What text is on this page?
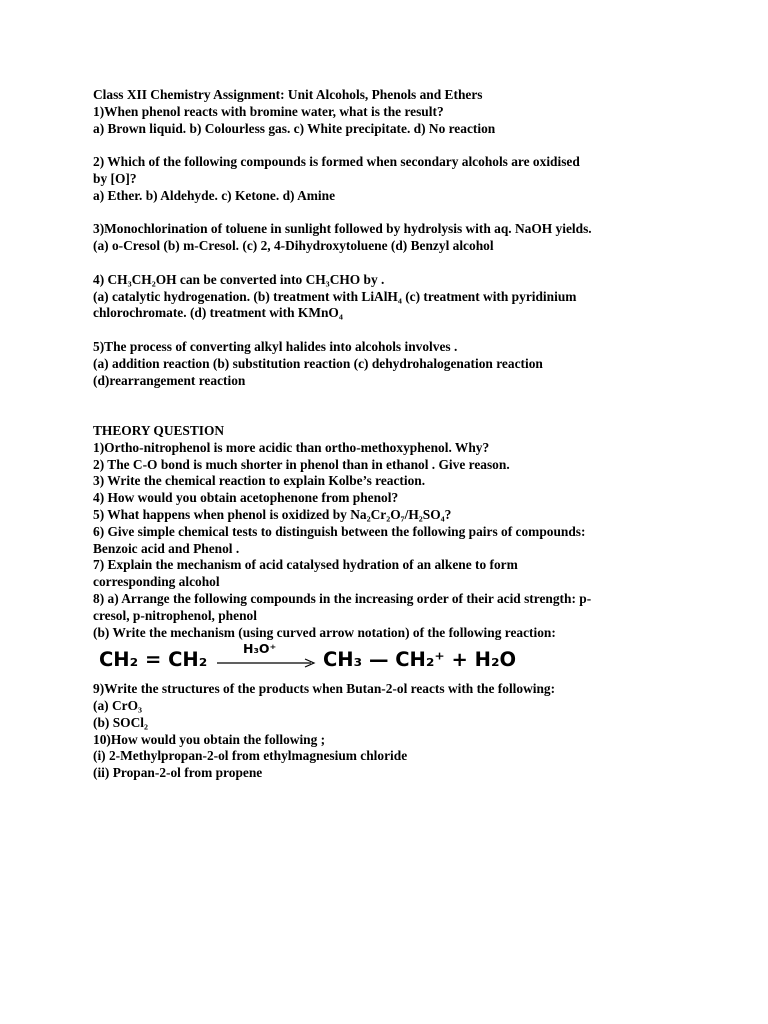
Class XII Chemistry Assignment: Unit Alcohols, Phenols and Ethers

1)When phenol reacts with bromine water, what is the result?

a) Brown liquid. b) Colourless gas. c) White precipitate. d) No reaction

2) Which of the following compounds is formed when secondary alcohols are oxidised

by [O]?

a) Ether. b) Aldehyde. c) Ketone. d) Amine

3)Monochlorination of toluene in sunlight followed by hydrolysis with aq. NaOH yields.

(a) o-Cresol (b) m-Cresol. (c) 2, 4-Dihydroxytoluene (d) Benzyl alcohol

4) CH₃CH₂OH can be converted into CH₃CHO by .

(a) catalytic hydrogenation. (b) treatment with LiAlH₄ (c) treatment with pyridinium

chlorochromate. (d) treatment with KMnO₄

5)The process of converting alkyl halides into alcohols involves .

(a) addition reaction (b) substitution reaction (c) dehydrohalogenation reaction

(d)rearrangement reaction

THEORY QUESTION

1)Ortho-nitrophenol is more acidic than ortho-methoxyphenol. Why?

2) The C-O bond is much shorter in phenol than in ethanol . Give reason.

3) Write the chemical reaction to explain Kolbe’s reaction.

4) How would you obtain acetophenone from phenol?

5) What happens when phenol is oxidized by Na₂Cr₂O₇/H₂SO₄?

6) Give simple chemical tests to distinguish between the following pairs of compounds:

Benzoic acid and Phenol .

7) Explain the mechanism of acid catalysed hydration of an alkene to form

corresponding alcohol

8) a) Arrange the following compounds in the increasing order of their acid strength: p-

cresol, p-nitrophenol, phenol

(b) Write the mechanism (using curved arrow notation) of the following reaction:

CH₂ = CH₂	H₃O⁺ CH₃ — CH₂⁺ + H₂O

9)Write the structures of the products when Butan-2-ol reacts with the following:

(a) CrO₃

(b) SOCl₂

10)How would you obtain the following ;

(i) 2-Methylpropan-2-ol from ethylmagnesium chloride

(ii) Propan-2-ol from propene
